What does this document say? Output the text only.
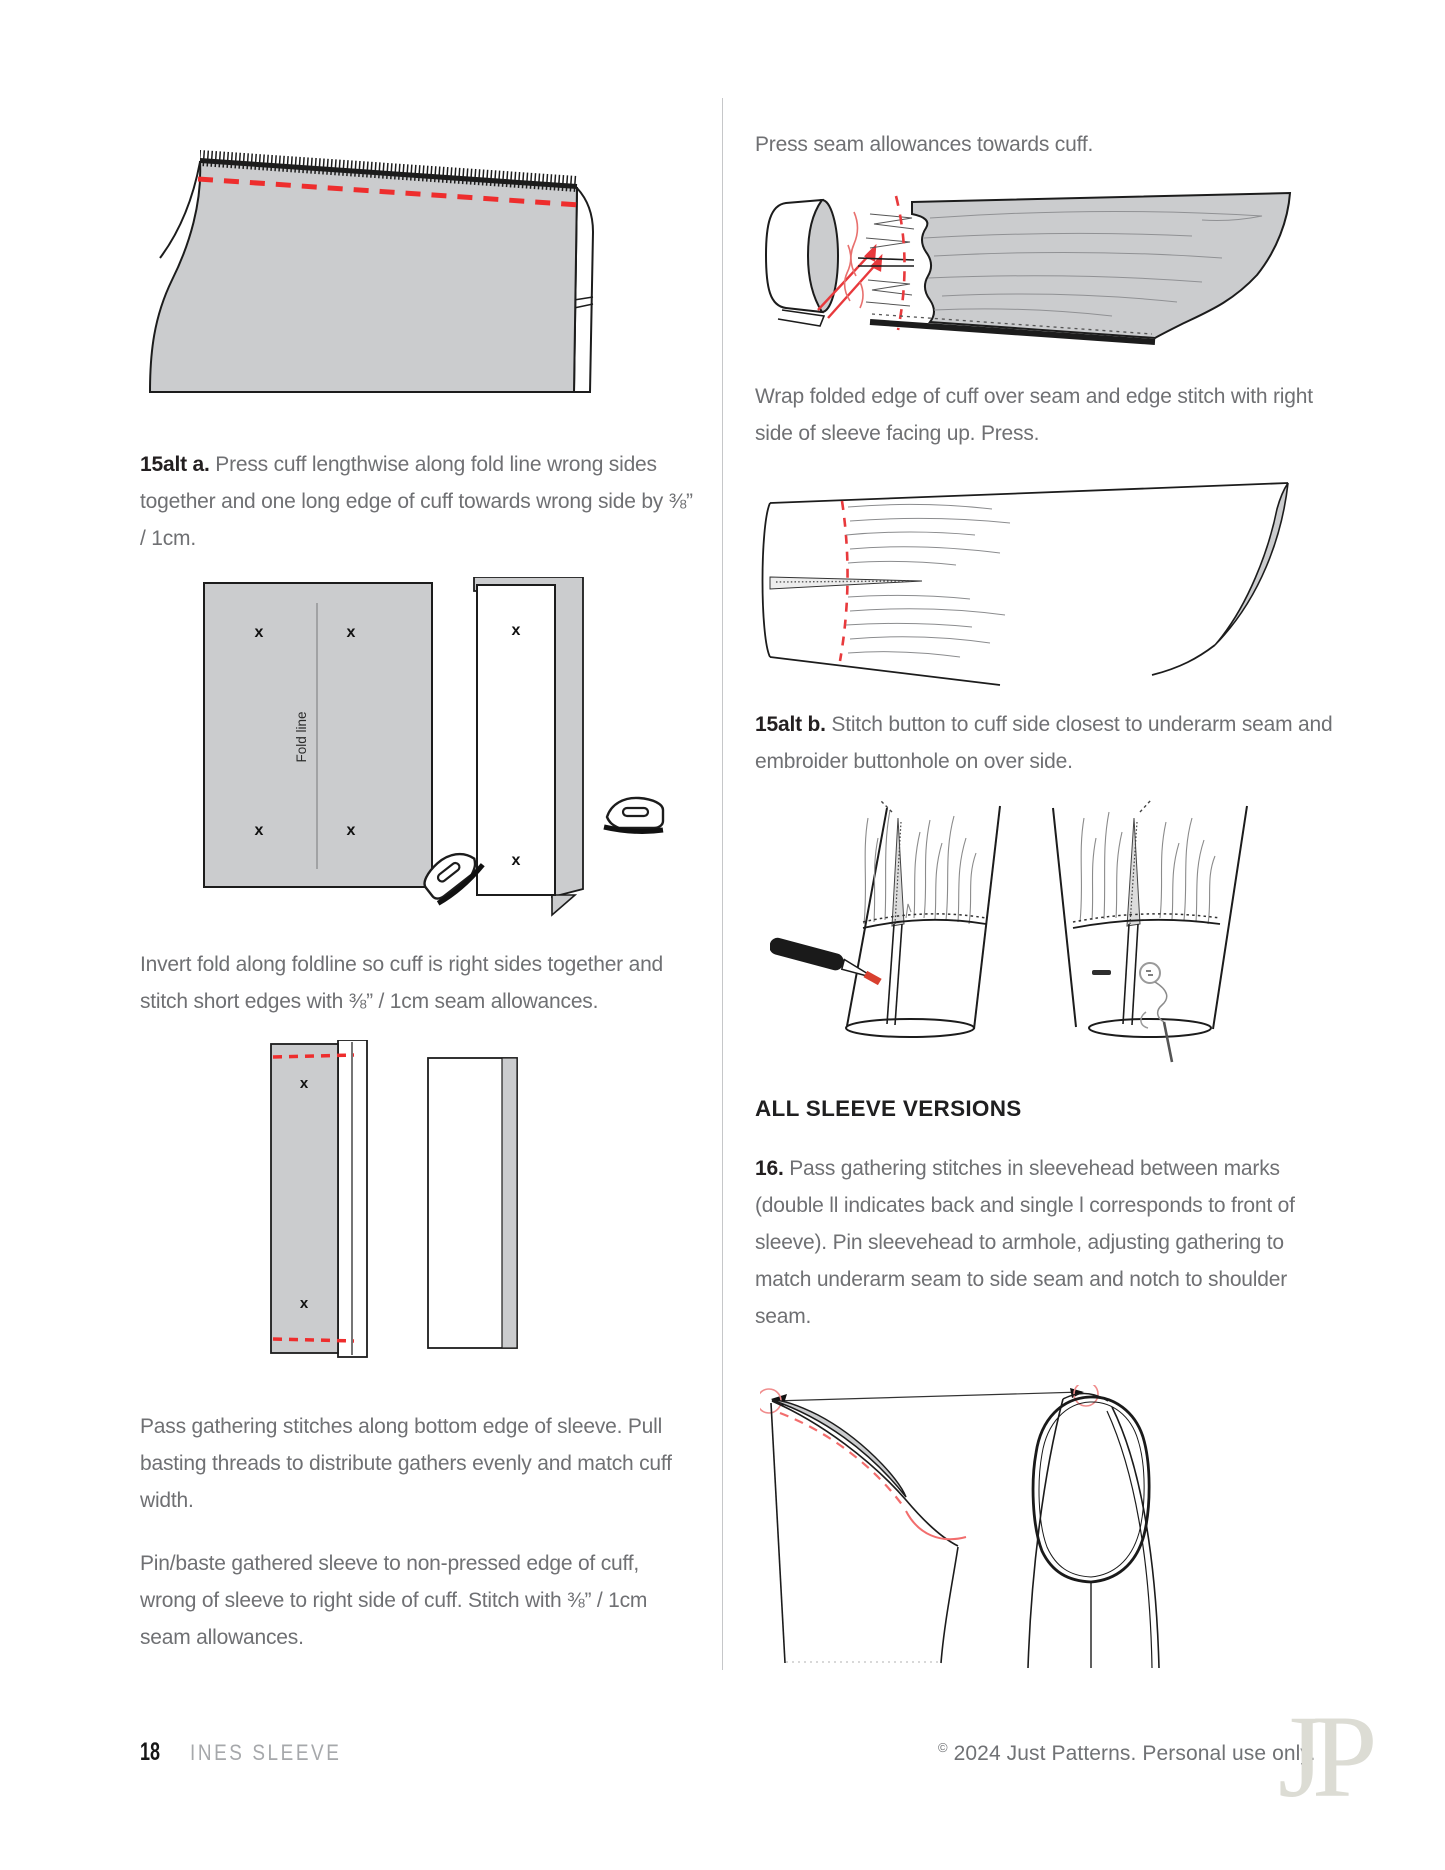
15alt a. Press cuff lengthwise along fold line wrong sides together and one long edge of cuff towards wrong side by ⅜” / 1cm.

Fold line
x	x
x	x
x
x

Invert fold along foldline so cuff is right sides together and stitch short edges with ⅜” / 1cm seam allowances.

x
x

Pass gathering stitches along bottom edge of sleeve. Pull basting threads to distribute gathers evenly and match cuff width.

Pin/baste gathered sleeve to non-pressed edge of cuff, wrong of sleeve to right side of cuff. Stitch with ⅜” / 1cm seam allowances.

Press seam allowances towards cuff.

Wrap folded edge of cuff over seam and edge stitch with right side of sleeve facing up. Press.

15alt b. Stitch button to cuff side closest to underarm seam and embroider buttonhole on over side.

ALL SLEEVE VERSIONS

16. Pass gathering stitches in sleevehead between marks (double ll indicates back and single l corresponds to front of sleeve). Pin sleevehead to armhole, adjusting gathering to match underarm seam to side seam and notch to shoulder seam.

18 INES SLEEVE	© 2024 Just Patterns. Personal use only.
JP
